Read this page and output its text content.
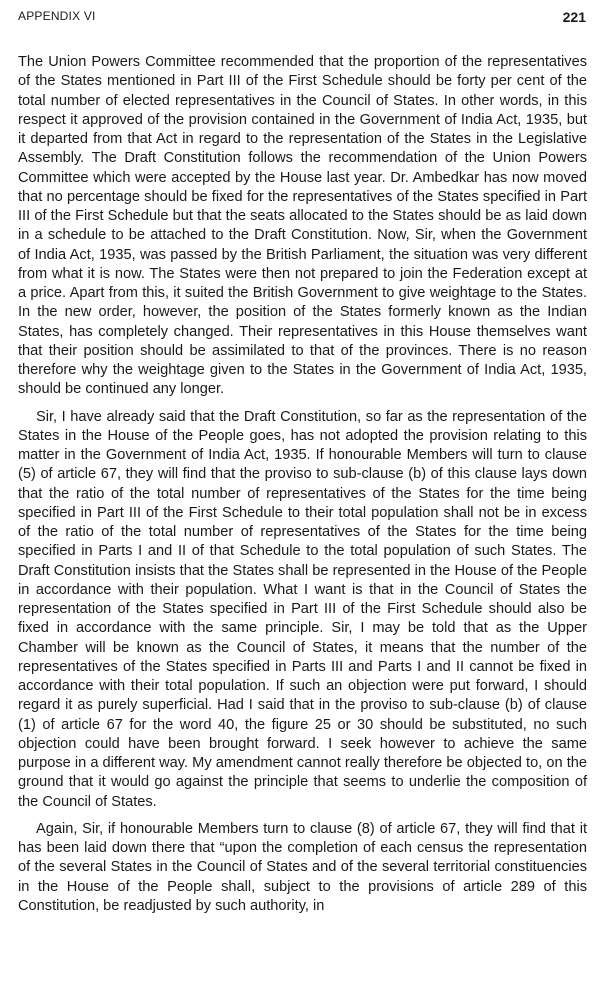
APPENDIX VI	221

The Union Powers Committee recommended that the proportion of the representatives of the States mentioned in Part III of the First Schedule should be forty per cent of the total number of elected representatives in the Council of States. In other words, in this respect it approved of the provision contained in the Government of India Act, 1935, but it departed from that Act in regard to the representation of the States in the Legislative Assembly. The Draft Constitution follows the recommendation of the Union Powers Committee which were accepted by the House last year. Dr. Ambedkar has now moved that no percentage should be fixed for the representatives of the States specified in Part III of the First Schedule but that the seats allocated to the States should be as laid down in a schedule to be attached to the Draft Constitution. Now, Sir, when the Government of India Act, 1935, was passed by the British Parliament, the situation was very different from what it is now. The States were then not prepared to join the Federation except at a price. Apart from this, it suited the British Government to give weightage to the States. In the new order, however, the position of the States formerly known as the Indian States, has completely changed. Their representatives in this House themselves want that their position should be assimilated to that of the provinces. There is no reason therefore why the weightage given to the States in the Government of India Act, 1935, should be continued any longer.

Sir, I have already said that the Draft Constitution, so far as the representation of the States in the House of the People goes, has not adopted the provision relating to this matter in the Government of India Act, 1935. If honourable Members will turn to clause (5) of article 67, they will find that the proviso to sub-clause (b) of this clause lays down that the ratio of the total number of representatives of the States for the time being specified in Part III of the First Schedule to their total population shall not be in excess of the ratio of the total number of representatives of the States for the time being specified in Parts I and II of that Schedule to the total population of such States. The Draft Constitution insists that the States shall be represented in the House of the People in accordance with their population. What I want is that in the Council of States the representation of the States specified in Part III of the First Schedule should also be fixed in accordance with the same principle. Sir, I may be told that as the Upper Chamber will be known as the Council of States, it means that the number of the representatives of the States specified in Parts III and Parts I and II cannot be fixed in accordance with their total population. If such an objection were put forward, I should regard it as purely superficial. Had I said that in the proviso to sub-clause (b) of clause (1) of article 67 for the word 40, the figure 25 or 30 should be substituted, no such objection could have been brought forward. I seek however to achieve the same purpose in a different way. My amendment cannot really therefore be objected to, on the ground that it would go against the principle that seems to underlie the composition of the Council of States.

Again, Sir, if honourable Members turn to clause (8) of article 67, they will find that it has been laid down there that “upon the completion of each census the representation of the several States in the Council of States and of the several territorial constituencies in the House of the People shall, subject to the provisions of article 289 of this Constitution, be readjusted by such authority, in
